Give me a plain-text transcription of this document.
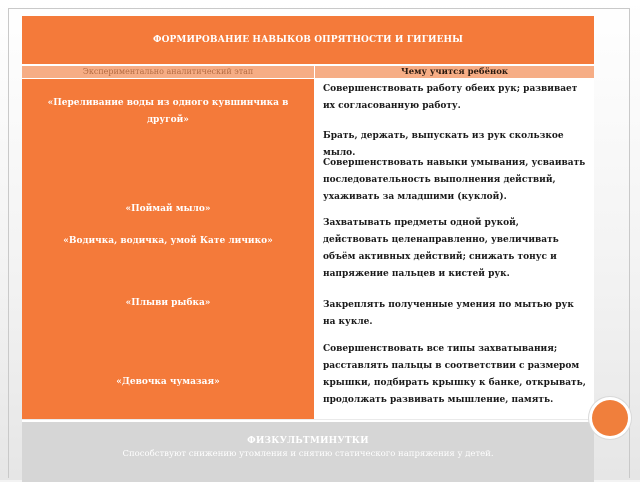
ФОРМИРОВАНИЕ НАВЫКОВ ОПРЯТНОСТИ И ГИГИЕНЫ
Экспериментально аналитический этап	Чему учится ребёнок
«Переливание воды из одного кувшинчика в другой»
«Поймай мыло»
«Водичка, водичка, умой Кате личико»
«Плыви рыбка»
«Девочка чумазая»
Совершенствовать работу обеих рук; развивает их согласованную работу.
Брать, держать, выпускать из рук скользкое мыло.
Совершенствовать навыки умывания, усваивать последовательность выполнения действий, ухаживать за младшими (куклой).
Захватывать предметы одной рукой, действовать целенаправленно, увеличивать объём активных действий; снижать тонус и напряжение пальцев и кистей рук.
Закреплять полученные умения по мытью рук на кукле.
Совершенствовать все типы захватывания; расставлять пальцы в соответствии с размером крышки, подбирать крышку к банке, открывать, продолжать развивать мышление, память.
ФИЗКУЛЬТМИНУТКИ
Способствуют снижению утомления и снятию статического напряжения у детей.
